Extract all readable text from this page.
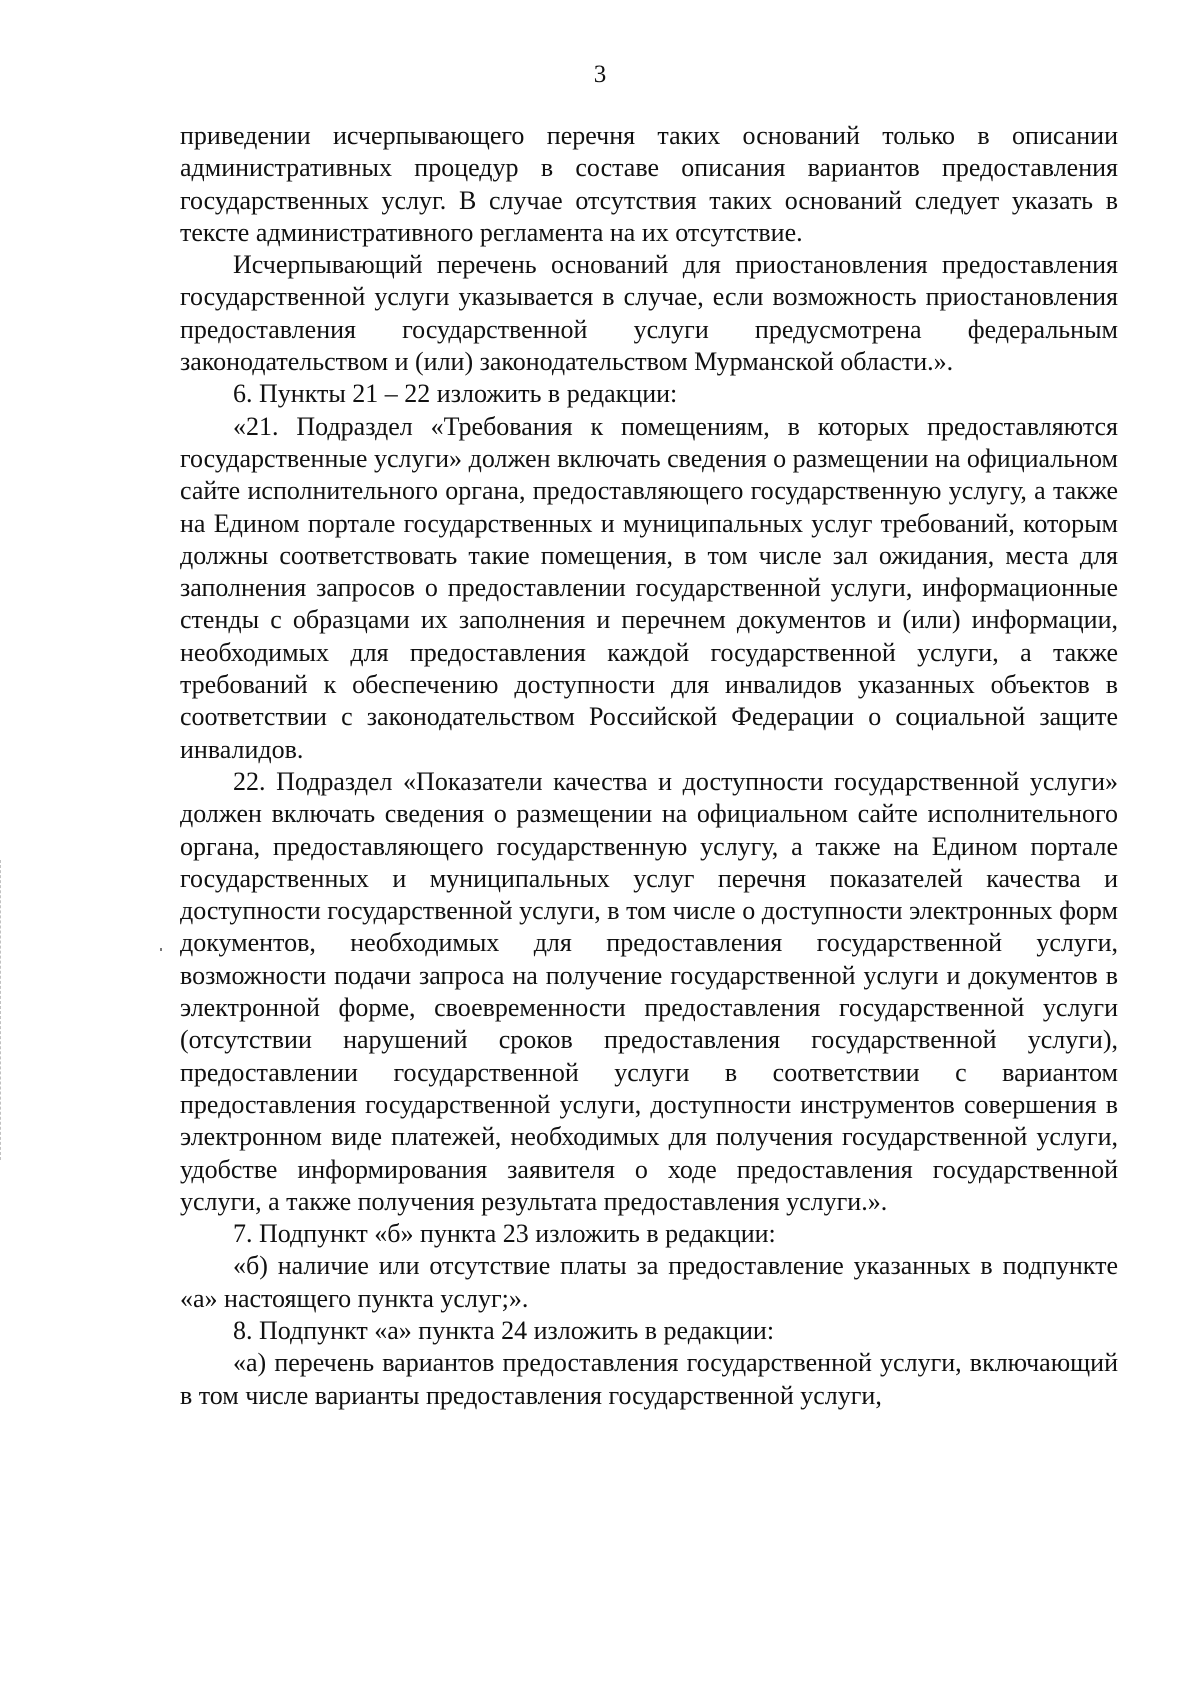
3

приведении исчерпывающего перечня таких оснований только в описании административных процедур в составе описания вариантов предоставления государственных услуг. В случае отсутствия таких оснований следует указать в тексте административного регламента на их отсутствие.

Исчерпывающий перечень оснований для приостановления предоставления государственной услуги указывается в случае, если возможность приостановления предоставления государственной услуги предусмотрена федеральным законодательством и (или) законодательством Мурманской области.».

6. Пункты 21 – 22 изложить в редакции:

«21. Подраздел «Требования к помещениям, в которых предоставляются государственные услуги» должен включать сведения о размещении на официальном сайте исполнительного органа, предоставляющего государственную услугу, а также на Едином портале государственных и муниципальных услуг требований, которым должны соответствовать такие помещения, в том числе зал ожидания, места для заполнения запросов о предоставлении государственной услуги, информационные стенды с образцами их заполнения и перечнем документов и (или) информации, необходимых для предоставления каждой государственной услуги, а также требований к обеспечению доступности для инвалидов указанных объектов в соответствии с законодательством Российской Федерации о социальной защите инвалидов.

22. Подраздел «Показатели качества и доступности государственной услуги» должен включать сведения о размещении на официальном сайте исполнительного органа, предоставляющего государственную услугу, а также на Едином портале государственных и муниципальных услуг перечня показателей качества и доступности государственной услуги, в том числе о доступности электронных форм документов, необходимых для предоставления государственной услуги, возможности подачи запроса на получение государственной услуги и документов в электронной форме, своевременности предоставления государственной услуги (отсутствии нарушений сроков предоставления государственной услуги), предоставлении государственной услуги в соответствии с вариантом предоставления государственной услуги, доступности инструментов совершения в электронном виде платежей, необходимых для получения государственной услуги, удобстве информирования заявителя о ходе предоставления государственной услуги, а также получения результата предоставления услуги.».

7. Подпункт «б» пункта 23 изложить в редакции:

«б) наличие или отсутствие платы за предоставление указанных в подпункте «а» настоящего пункта услуг;».

8. Подпункт «а» пункта 24 изложить в редакции:

«а) перечень вариантов предоставления государственной услуги, включающий в том числе варианты предоставления государственной услуги,
